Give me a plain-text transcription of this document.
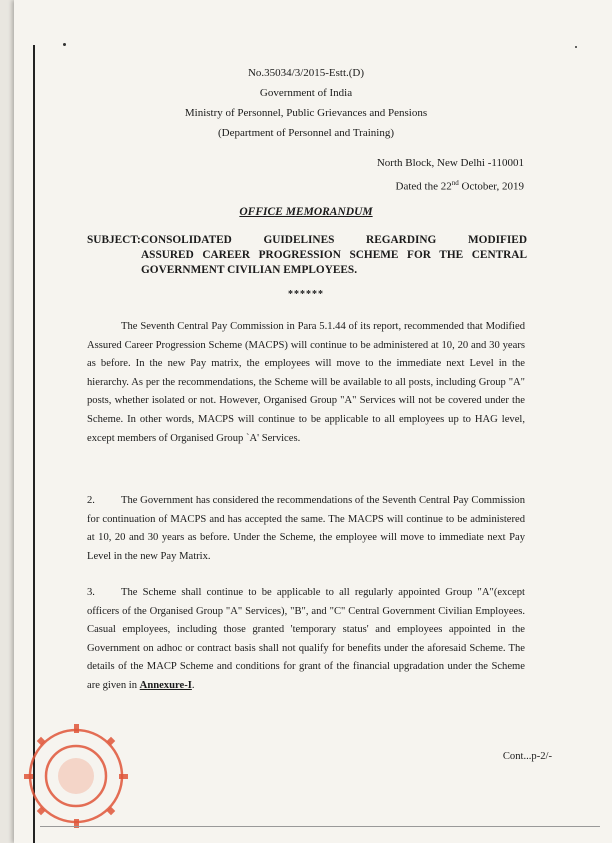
No.35034/3/2015-Estt.(D)
Government of India
Ministry of Personnel, Public Grievances and Pensions
(Department of Personnel and Training)
North Block, New Delhi -110001
Dated the 22nd October, 2019
OFFICE MEMORANDUM
SUBJECT:-
CONSOLIDATED GUIDELINES REGARDING MODIFIED
ASSURED CAREER PROGRESSION SCHEME FOR THE CENTRAL GOVERNMENT CIVILIAN EMPLOYEES.
******

The Seventh Central Pay Commission in Para 5.1.44 of its report, recommended that Modified Assured Career Progression Scheme (MACPS) will continue to be administered at 10, 20 and 30 years as before. In the new Pay matrix, the employees will move to the immediate next Level in the hierarchy. As per the recommendations, the Scheme will be available to all posts, including Group "A" posts, whether isolated or not. However, Organised Group "A" Services will not be covered under the Scheme. In other words, MACPS will continue to be applicable to all employees up to HAG level, except members of Organised Group `A' Services.

2. The Government has considered the recommendations of the Seventh Central Pay Commission for continuation of MACPS and has accepted the same. The MACPS will continue to be administered at 10, 20 and 30 years as before. Under the Scheme, the employee will move to immediate next Pay Level in the new Pay Matrix.

3. The Scheme shall continue to be applicable to all regularly appointed Group "A"(except officers of the Organised Group "A" Services), "B", and "C" Central Government Civilian Employees. Casual employees, including those granted 'temporary status' and employees appointed in the Government on adhoc or contract basis shall not qualify for benefits under the aforesaid Scheme. The details of the MACP Scheme and conditions for grant of the financial upgradation under the Scheme are given in Annexure-I.

Cont...p-2/-
